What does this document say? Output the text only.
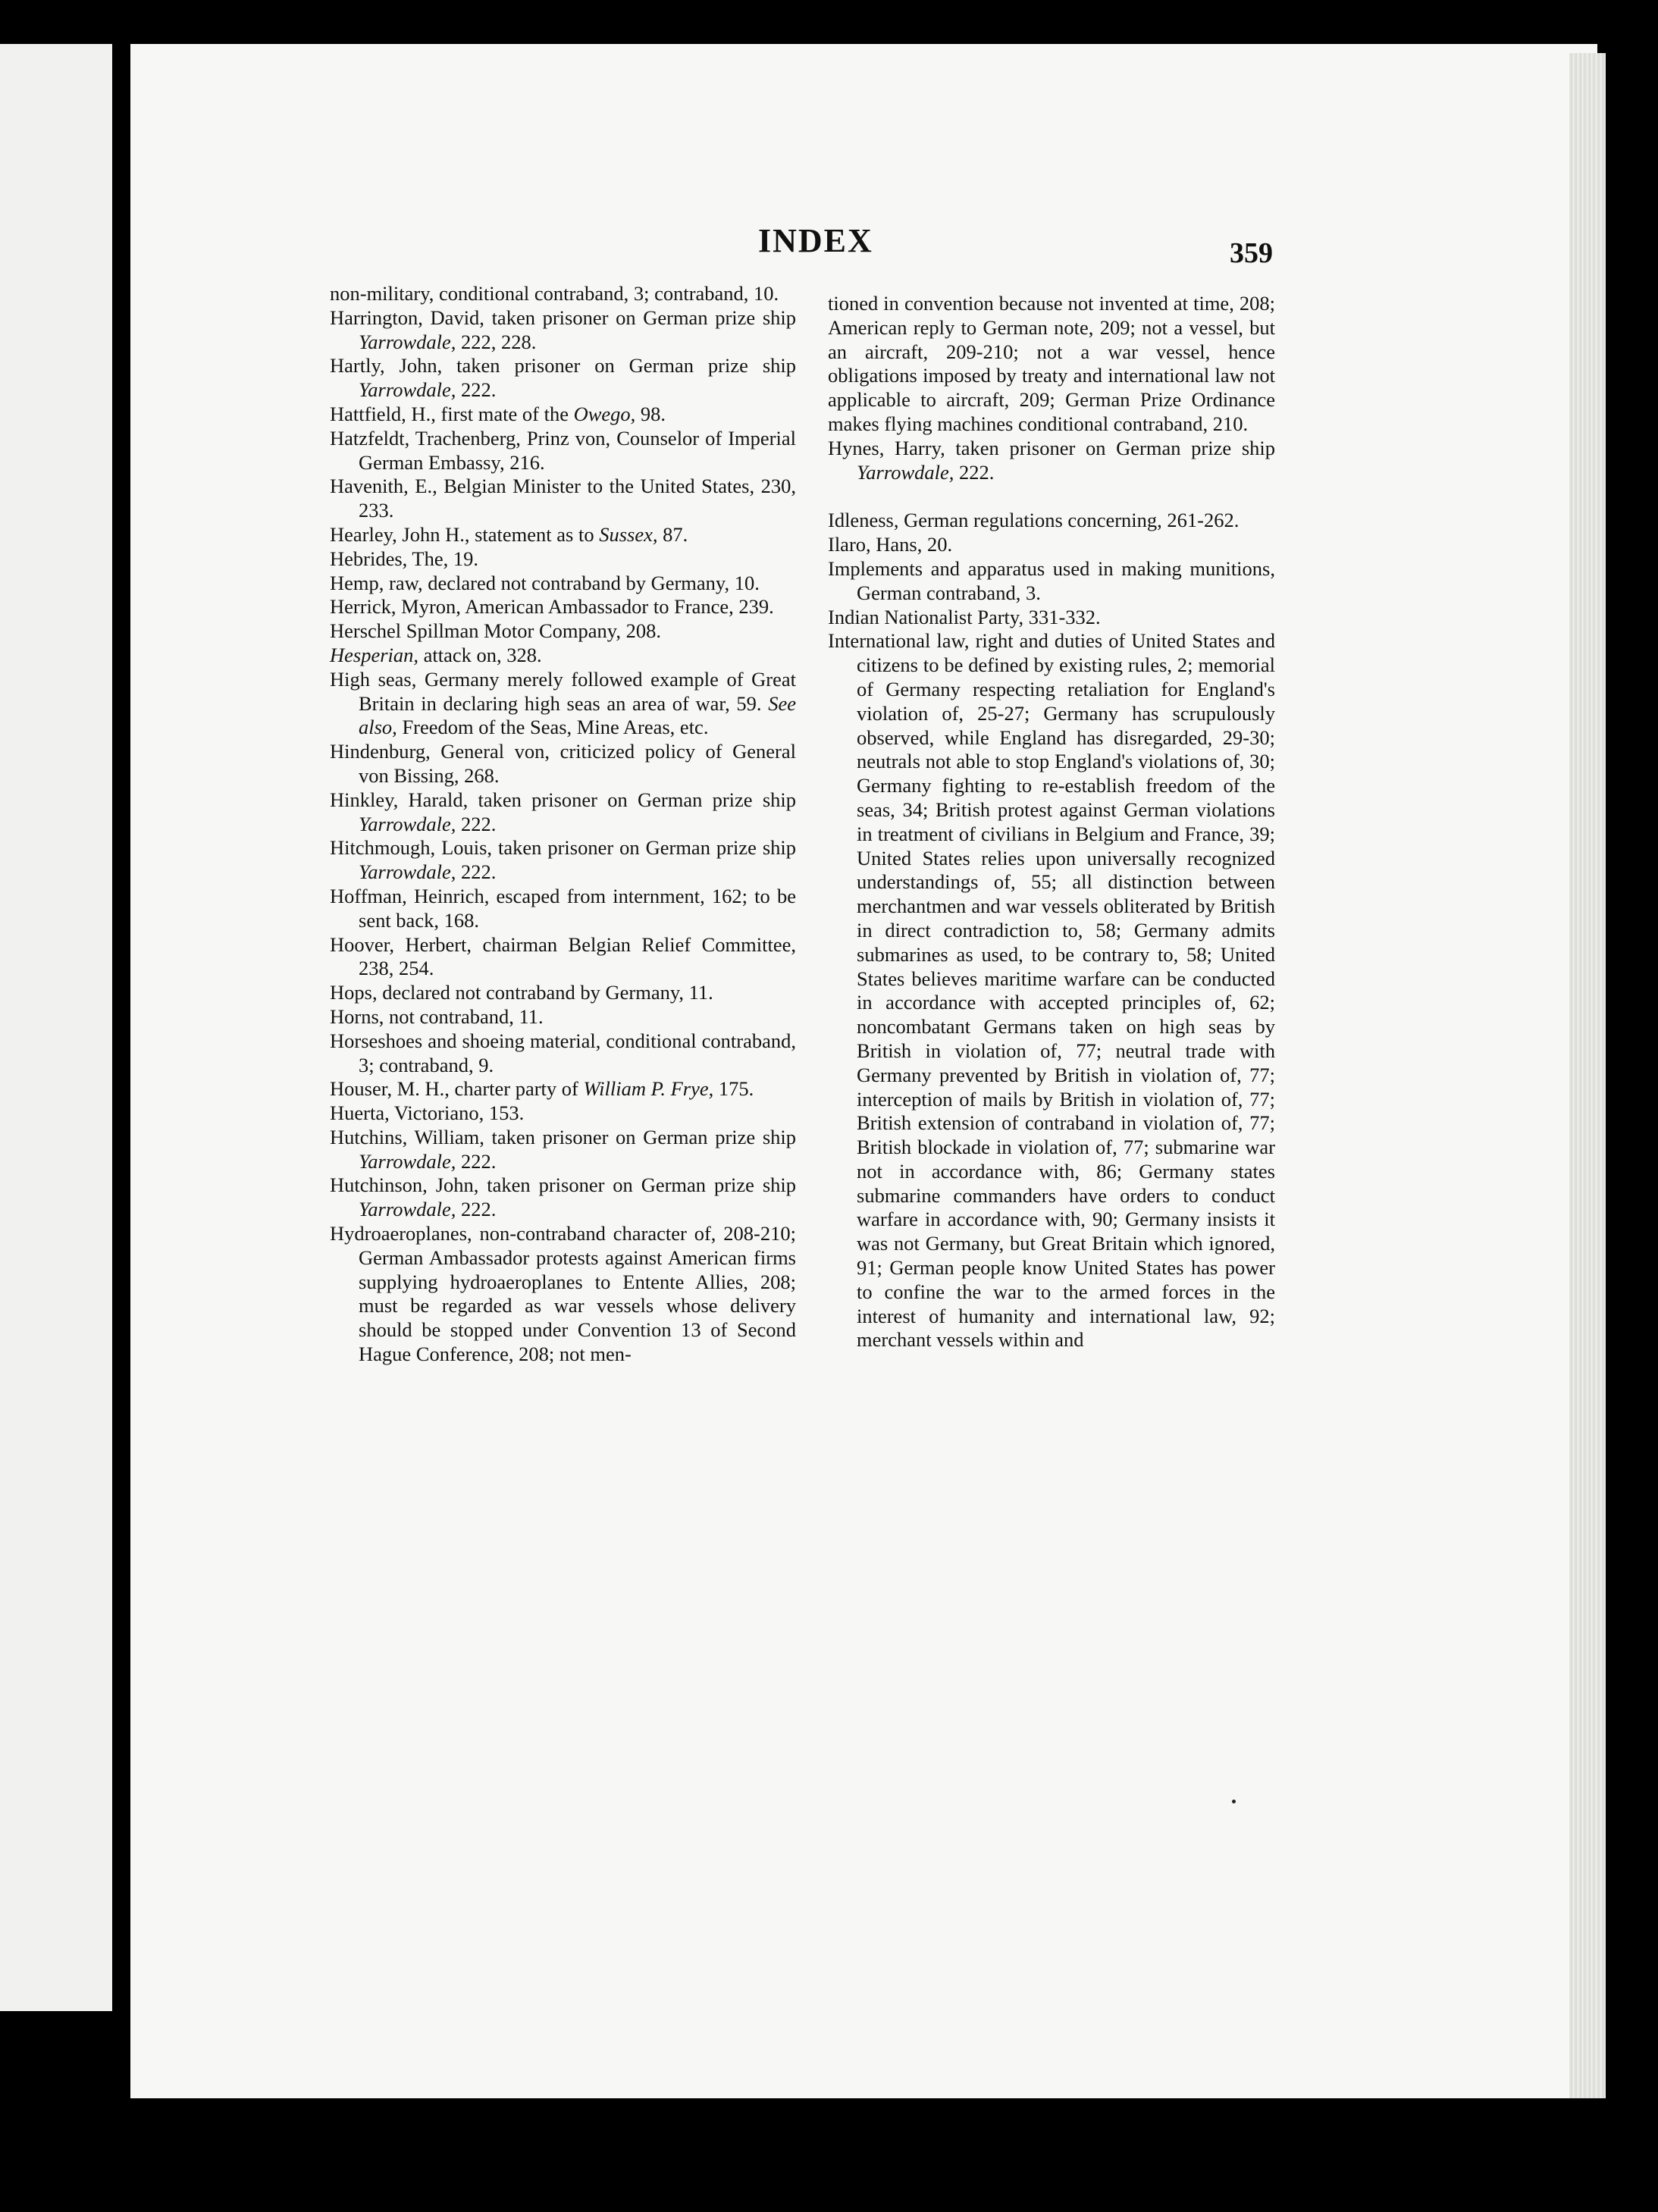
INDEX	359

non-military, conditional contraband, 3; contraband, 10.

Harrington, David, taken prisoner on German prize ship Yarrowdale, 222, 228.

Hartly, John, taken prisoner on German prize ship Yarrowdale, 222.

Hattfield, H., first mate of the Owego, 98.

Hatzfeldt, Trachenberg, Prinz von, Counselor of Imperial German Embassy, 216.

Havenith, E., Belgian Minister to the United States, 230, 233.

Hearley, John H., statement as to Sussex, 87.

Hebrides, The, 19.

Hemp, raw, declared not contraband by Germany, 10.

Herrick, Myron, American Ambassador to France, 239.

Herschel Spillman Motor Company, 208.

Hesperian, attack on, 328.

High seas, Germany merely followed example of Great Britain in declaring high seas an area of war, 59. See also, Freedom of the Seas, Mine Areas, etc.

Hindenburg, General von, criticized policy of General von Bissing, 268.

Hinkley, Harald, taken prisoner on German prize ship Yarrowdale, 222.

Hitchmough, Louis, taken prisoner on German prize ship Yarrowdale, 222.

Hoffman, Heinrich, escaped from internment, 162; to be sent back, 168.

Hoover, Herbert, chairman Belgian Relief Committee, 238, 254.

Hops, declared not contraband by Germany, 11.

Horns, not contraband, 11.

Horseshoes and shoeing material, conditional contraband, 3; contraband, 9.

Houser, M. H., charter party of William P. Frye, 175.

Huerta, Victoriano, 153.

Hutchins, William, taken prisoner on German prize ship Yarrowdale, 222.

Hutchinson, John, taken prisoner on German prize ship Yarrowdale, 222.

Hydroaeroplanes, non-contraband character of, 208-210; German Ambassador protests against American firms supplying hydroaeroplanes to Entente Allies, 208; must be regarded as war vessels whose delivery should be stopped under Convention 13 of Second Hague Conference, 208; not men-

tioned in convention because not invented at time, 208; American reply to German note, 209; not a vessel, but an aircraft, 209-210; not a war vessel, hence obligations imposed by treaty and international law not applicable to aircraft, 209; German Prize Ordinance makes flying machines conditional contraband, 210.

Hynes, Harry, taken prisoner on German prize ship Yarrowdale, 222.

Idleness, German regulations concerning, 261-262.

Ilaro, Hans, 20.

Implements and apparatus used in making munitions, German contraband, 3.

Indian Nationalist Party, 331-332.

International law, right and duties of United States and citizens to be defined by existing rules, 2; memorial of Germany respecting retaliation for England's violation of, 25-27; Germany has scrupulously observed, while England has disregarded, 29-30; neutrals not able to stop England's violations of, 30; Germany fighting to re-establish freedom of the seas, 34; British protest against German violations in treatment of civilians in Belgium and France, 39; United States relies upon universally recognized understandings of, 55; all distinction between merchantmen and war vessels obliterated by British in direct contradiction to, 58; Germany admits submarines as used, to be contrary to, 58; United States believes maritime warfare can be conducted in accordance with accepted principles of, 62; noncombatant Germans taken on high seas by British in violation of, 77; neutral trade with Germany prevented by British in violation of, 77; interception of mails by British in violation of, 77; British extension of contraband in violation of, 77; British blockade in violation of, 77; submarine war not in accordance with, 86; Germany states submarine commanders have orders to conduct warfare in accordance with, 90; Germany insists it was not Germany, but Great Britain which ignored, 91; German people know United States has power to confine the war to the armed forces in the interest of humanity and international law, 92; merchant vessels within and
